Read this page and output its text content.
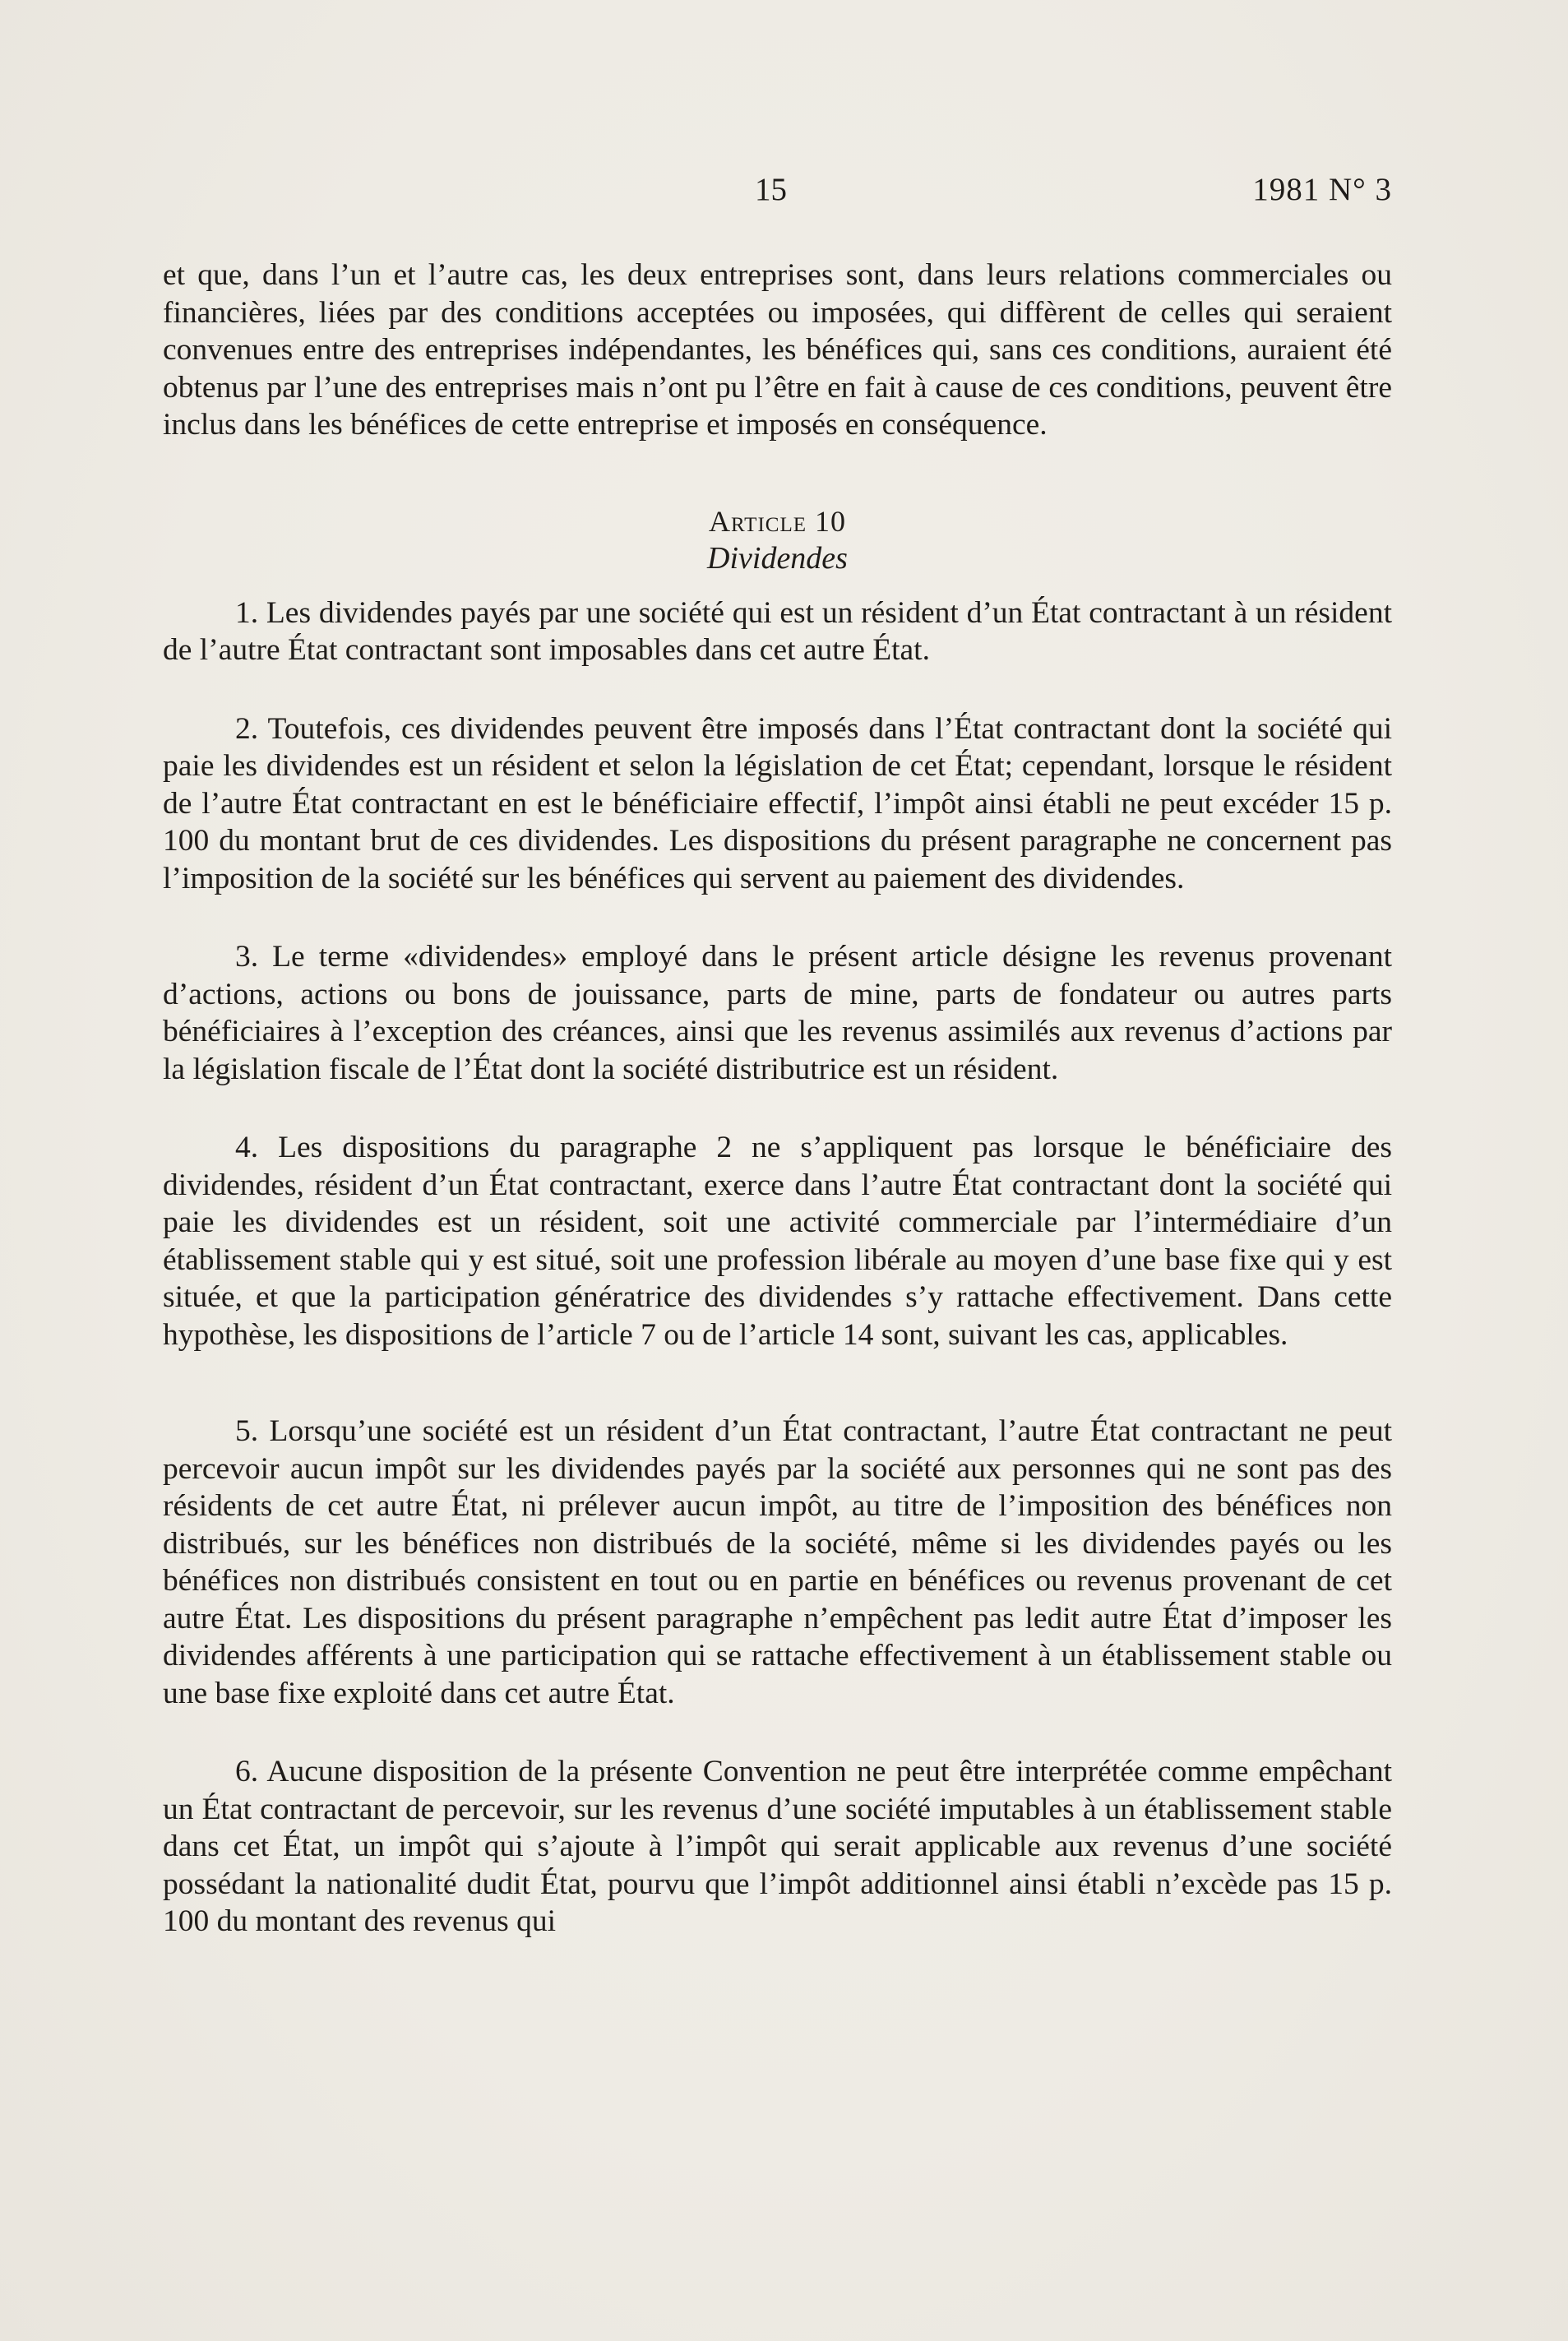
15	1981 N° 3

et que, dans l’un et l’autre cas, les deux entreprises sont, dans leurs relations commerciales ou financières, liées par des conditions acceptées ou imposées, qui diffèrent de celles qui seraient convenues entre des entreprises indépendantes, les bénéfices qui, sans ces conditions, auraient été obtenus par l’une des entreprises mais n’ont pu l’être en fait à cause de ces conditions, peuvent être inclus dans les bénéfices de cette entreprise et imposés en conséquence.

Article 10

Dividendes

1. Les dividendes payés par une société qui est un résident d’un État contractant à un résident de l’autre État contractant sont imposables dans cet autre État.

2. Toutefois, ces dividendes peuvent être imposés dans l’État contractant dont la société qui paie les dividendes est un résident et selon la législation de cet État; cependant, lorsque le résident de l’autre État contractant en est le bénéficiaire effectif, l’impôt ainsi établi ne peut excéder 15 p. 100 du montant brut de ces dividendes. Les dispositions du présent paragraphe ne concernent pas l’imposition de la société sur les bénéfices qui servent au paiement des dividendes.

3. Le terme «dividendes» employé dans le présent article désigne les revenus provenant d’actions, actions ou bons de jouissance, parts de mine, parts de fondateur ou autres parts bénéficiaires à l’exception des créances, ainsi que les revenus assimilés aux revenus d’actions par la législation fiscale de l’État dont la société distributrice est un résident.

4. Les dispositions du paragraphe 2 ne s’appliquent pas lorsque le bénéficiaire des dividendes, résident d’un État contractant, exerce dans l’autre État contractant dont la société qui paie les dividendes est un résident, soit une activité commerciale par l’intermédiaire d’un établissement stable qui y est situé, soit une profession libérale au moyen d’une base fixe qui y est située, et que la participation génératrice des dividendes s’y rattache effectivement. Dans cette hypothèse, les dispositions de l’article 7 ou de l’article 14 sont, suivant les cas, applicables.

5. Lorsqu’une société est un résident d’un État contractant, l’autre État contractant ne peut percevoir aucun impôt sur les dividendes payés par la société aux personnes qui ne sont pas des résidents de cet autre État, ni prélever aucun impôt, au titre de l’imposition des bénéfices non distribués, sur les bénéfices non distribués de la société, même si les dividendes payés ou les bénéfices non distribués consistent en tout ou en partie en bénéfices ou revenus provenant de cet autre État. Les dispositions du présent paragraphe n’empêchent pas ledit autre État d’imposer les dividendes afférents à une participation qui se rattache effectivement à un établissement stable ou une base fixe exploité dans cet autre État.

6. Aucune disposition de la présente Convention ne peut être interprétée comme empêchant un État contractant de percevoir, sur les revenus d’une société imputables à un établissement stable dans cet État, un impôt qui s’ajoute à l’impôt qui serait applicable aux revenus d’une société possédant la nationalité dudit État, pourvu que l’impôt additionnel ainsi établi n’excède pas 15 p. 100 du montant des revenus qui
